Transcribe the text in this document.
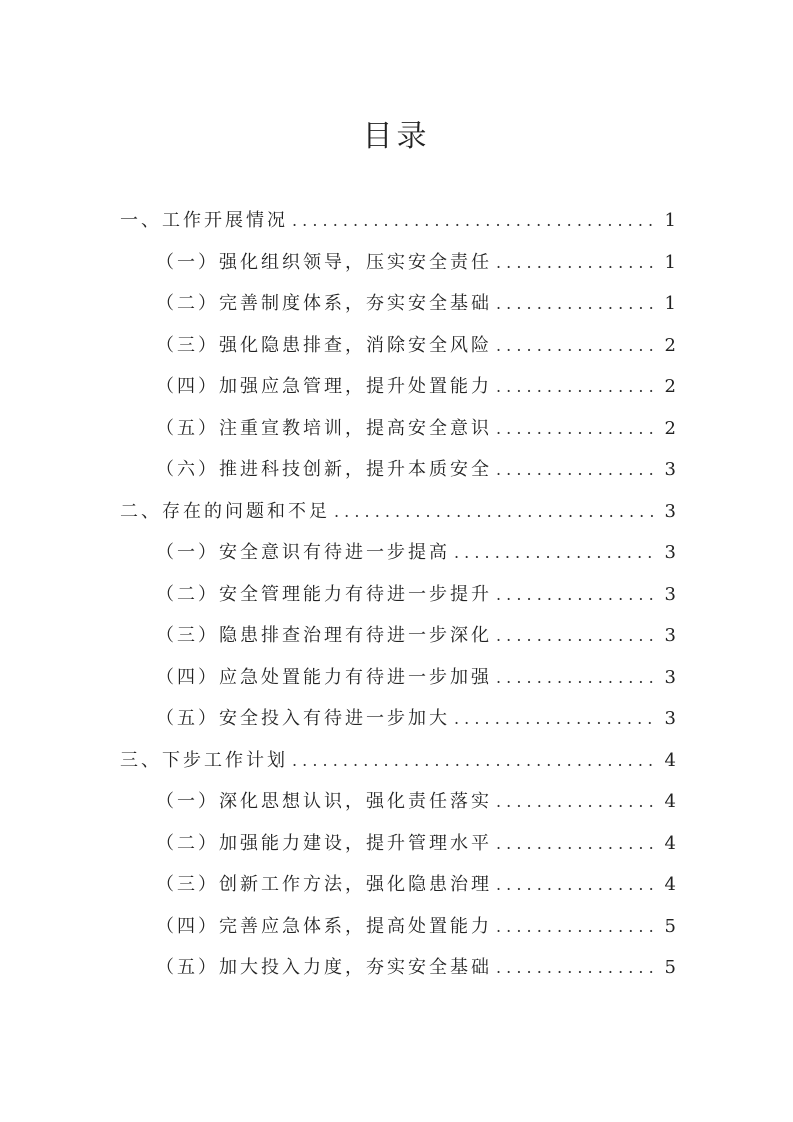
目录
一、工作开展情况 . . .	1
（一）强化组织领导，压实安全责任 . . .	1
（二）完善制度体系，夯实安全基础 . . .	1
（三）强化隐患排查，消除安全风险 . . .	2
（四）加强应急管理，提升处置能力 . . .	2
（五）注重宣教培训，提高安全意识 . . .	2
（六）推进科技创新，提升本质安全 . . .	3
二、存在的问题和不足 . . .	3
（一）安全意识有待进一步提高 . . .	3
（二）安全管理能力有待进一步提升 . . .	3
（三）隐患排查治理有待进一步深化 . . .	3
（四）应急处置能力有待进一步加强 . . .	3
（五）安全投入有待进一步加大 . . .	3
三、下步工作计划 . . .	4
（一）深化思想认识，强化责任落实 . . .	4
（二）加强能力建设，提升管理水平 . . .	4
（三）创新工作方法，强化隐患治理 . . .	4
（四）完善应急体系，提高处置能力 . . .	5
（五）加大投入力度，夯实安全基础 . . .	5
